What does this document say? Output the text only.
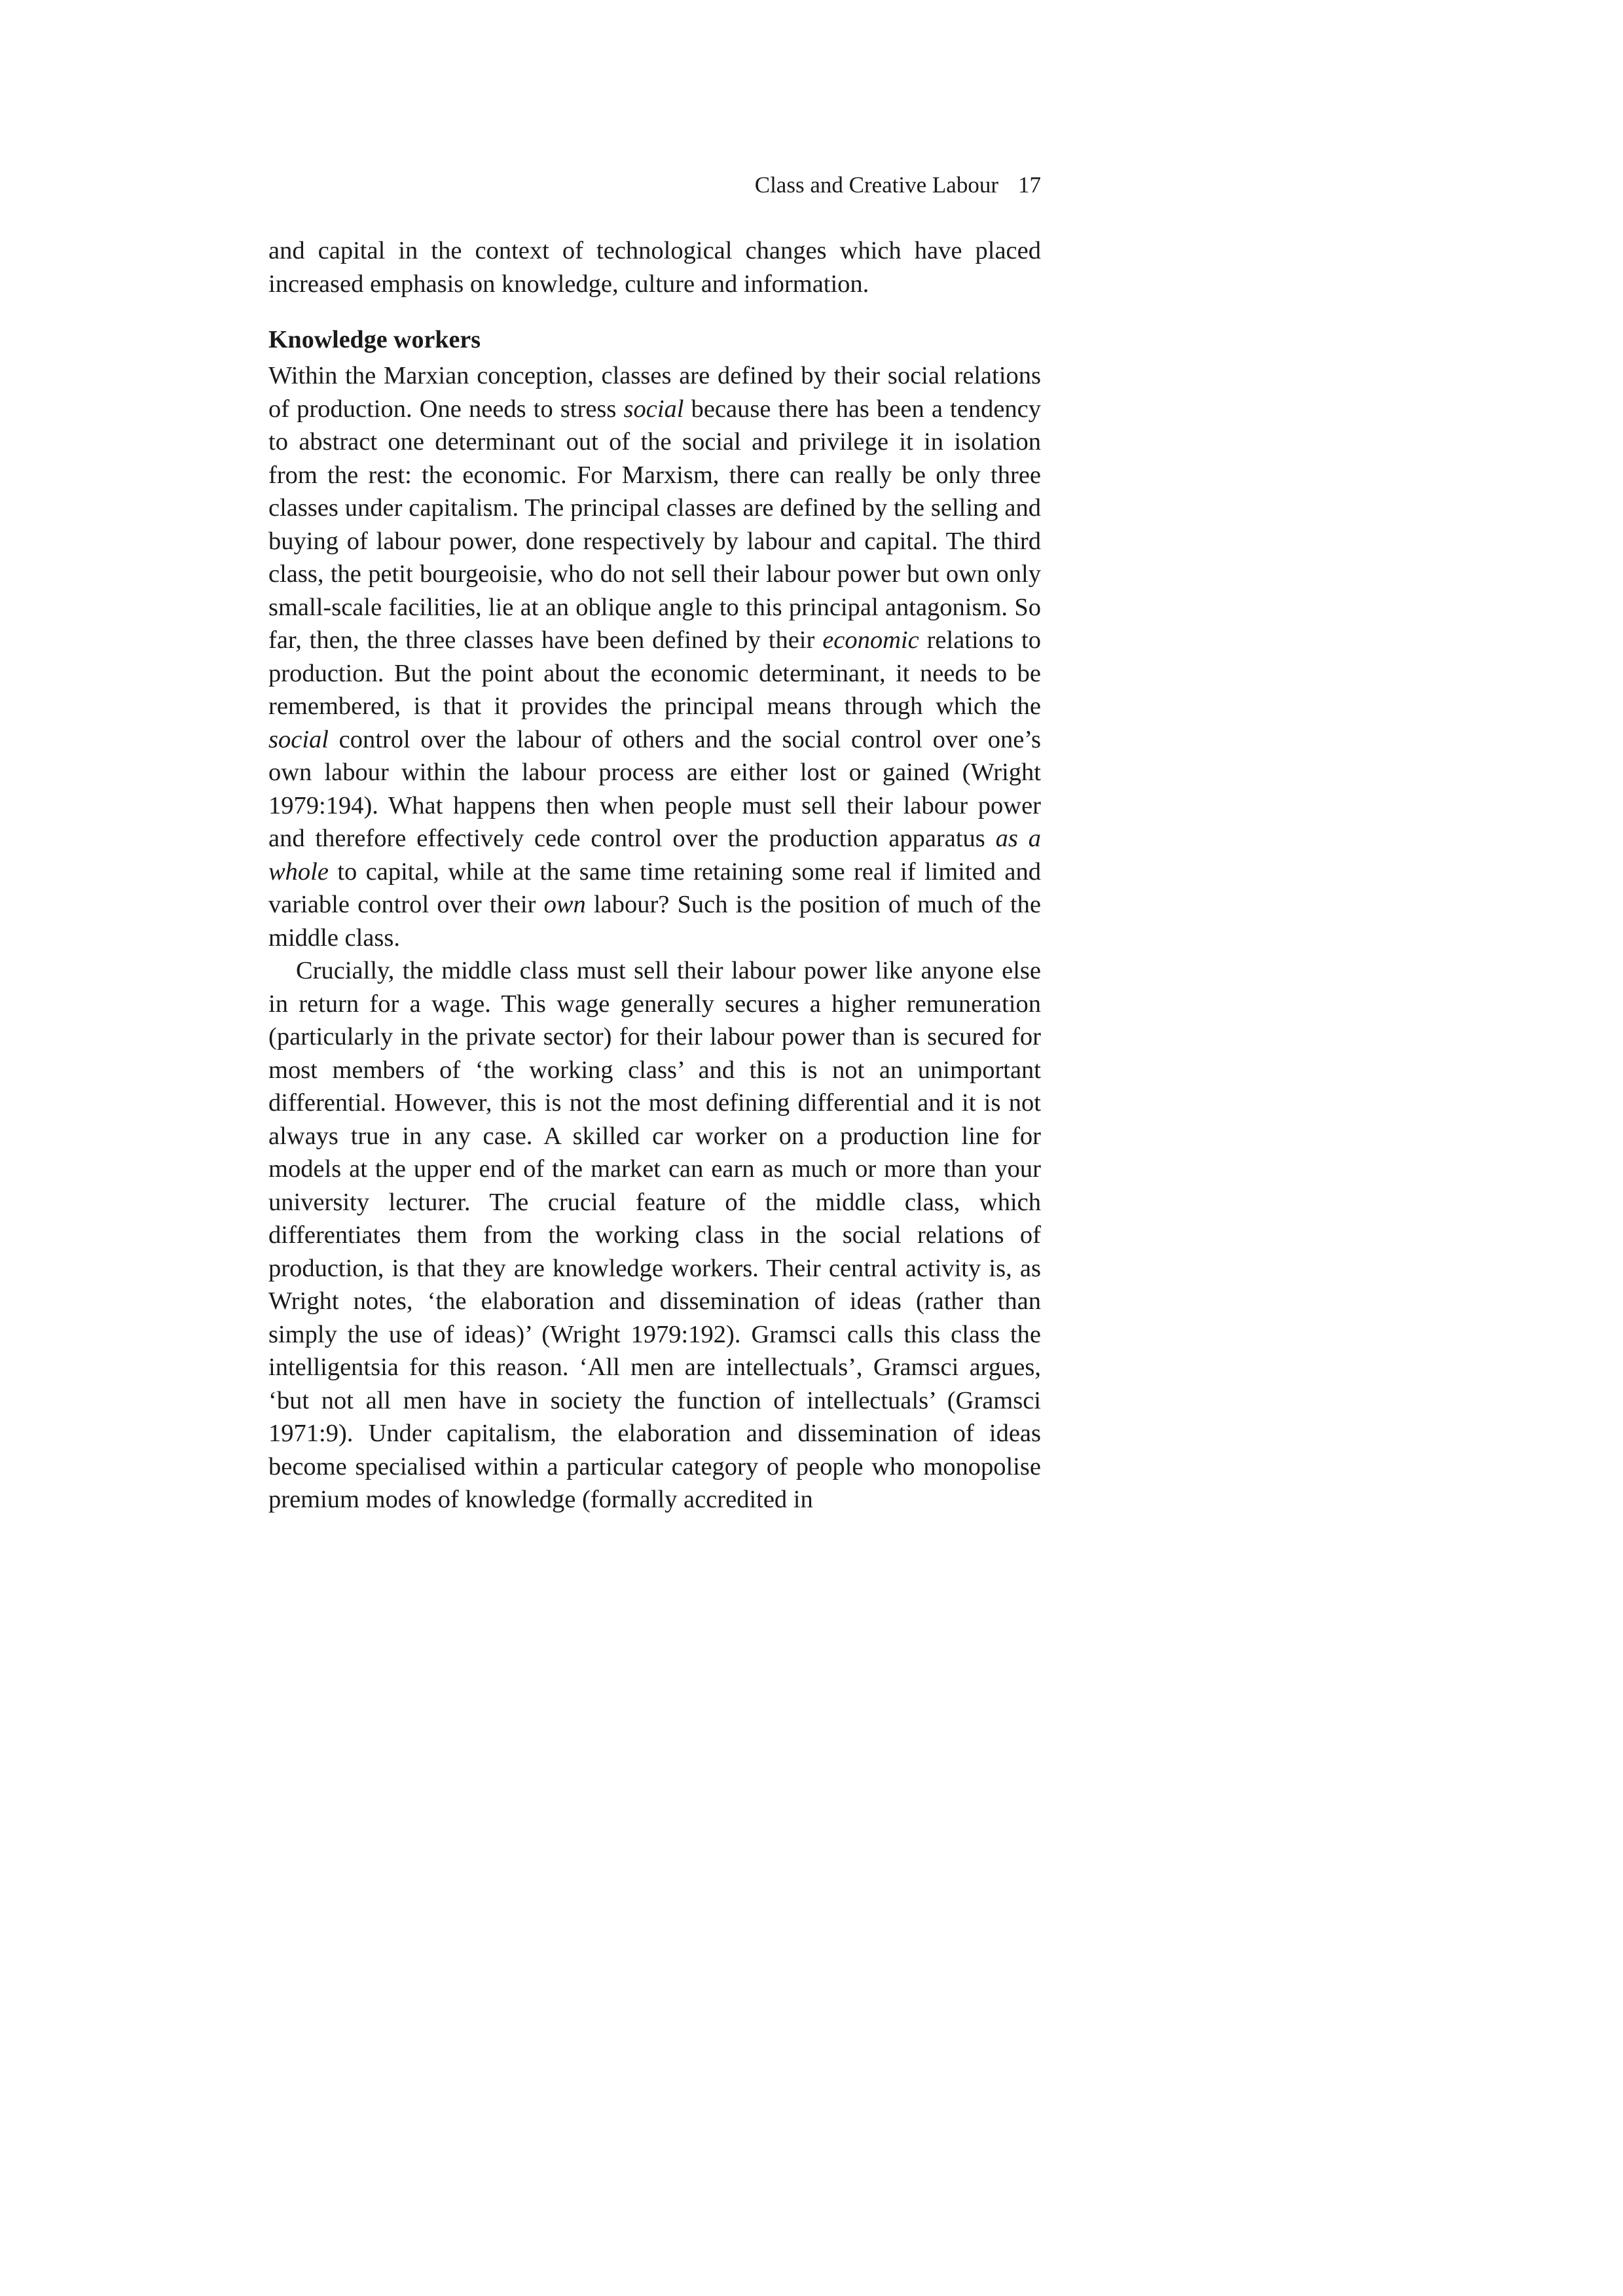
Class and Creative Labour 17

and capital in the context of technological changes which have placed increased emphasis on knowledge, culture and information.

Knowledge workers

Within the Marxian conception, classes are defined by their social relations of production. One needs to stress social because there has been a tendency to abstract one determinant out of the social and privilege it in isolation from the rest: the economic. For Marxism, there can really be only three classes under capitalism. The principal classes are defined by the selling and buying of labour power, done respectively by labour and capital. The third class, the petit bourgeoisie, who do not sell their labour power but own only small-scale facilities, lie at an oblique angle to this principal antagonism. So far, then, the three classes have been defined by their economic relations to production. But the point about the economic determinant, it needs to be remembered, is that it provides the principal means through which the social control over the labour of others and the social control over one’s own labour within the labour process are either lost or gained (Wright 1979:194). What happens then when people must sell their labour power and therefore effectively cede control over the production apparatus as a whole to capital, while at the same time retaining some real if limited and variable control over their own labour? Such is the position of much of the middle class.

Crucially, the middle class must sell their labour power like anyone else in return for a wage. This wage generally secures a higher remuneration (particularly in the private sector) for their labour power than is secured for most members of ‘the working class’ and this is not an unimportant differential. However, this is not the most defining differential and it is not always true in any case. A skilled car worker on a production line for models at the upper end of the market can earn as much or more than your university lecturer. The crucial feature of the middle class, which differentiates them from the working class in the social relations of production, is that they are knowledge workers. Their central activity is, as Wright notes, ‘the elaboration and dissemination of ideas (rather than simply the use of ideas)’ (Wright 1979:192). Gramsci calls this class the intelligentsia for this reason. ‘All men are intellectuals’, Gramsci argues, ‘but not all men have in society the function of intellectuals’ (Gramsci 1971:9). Under capitalism, the elaboration and dissemination of ideas become specialised within a particular category of people who monopolise premium modes of knowledge (formally accredited in
